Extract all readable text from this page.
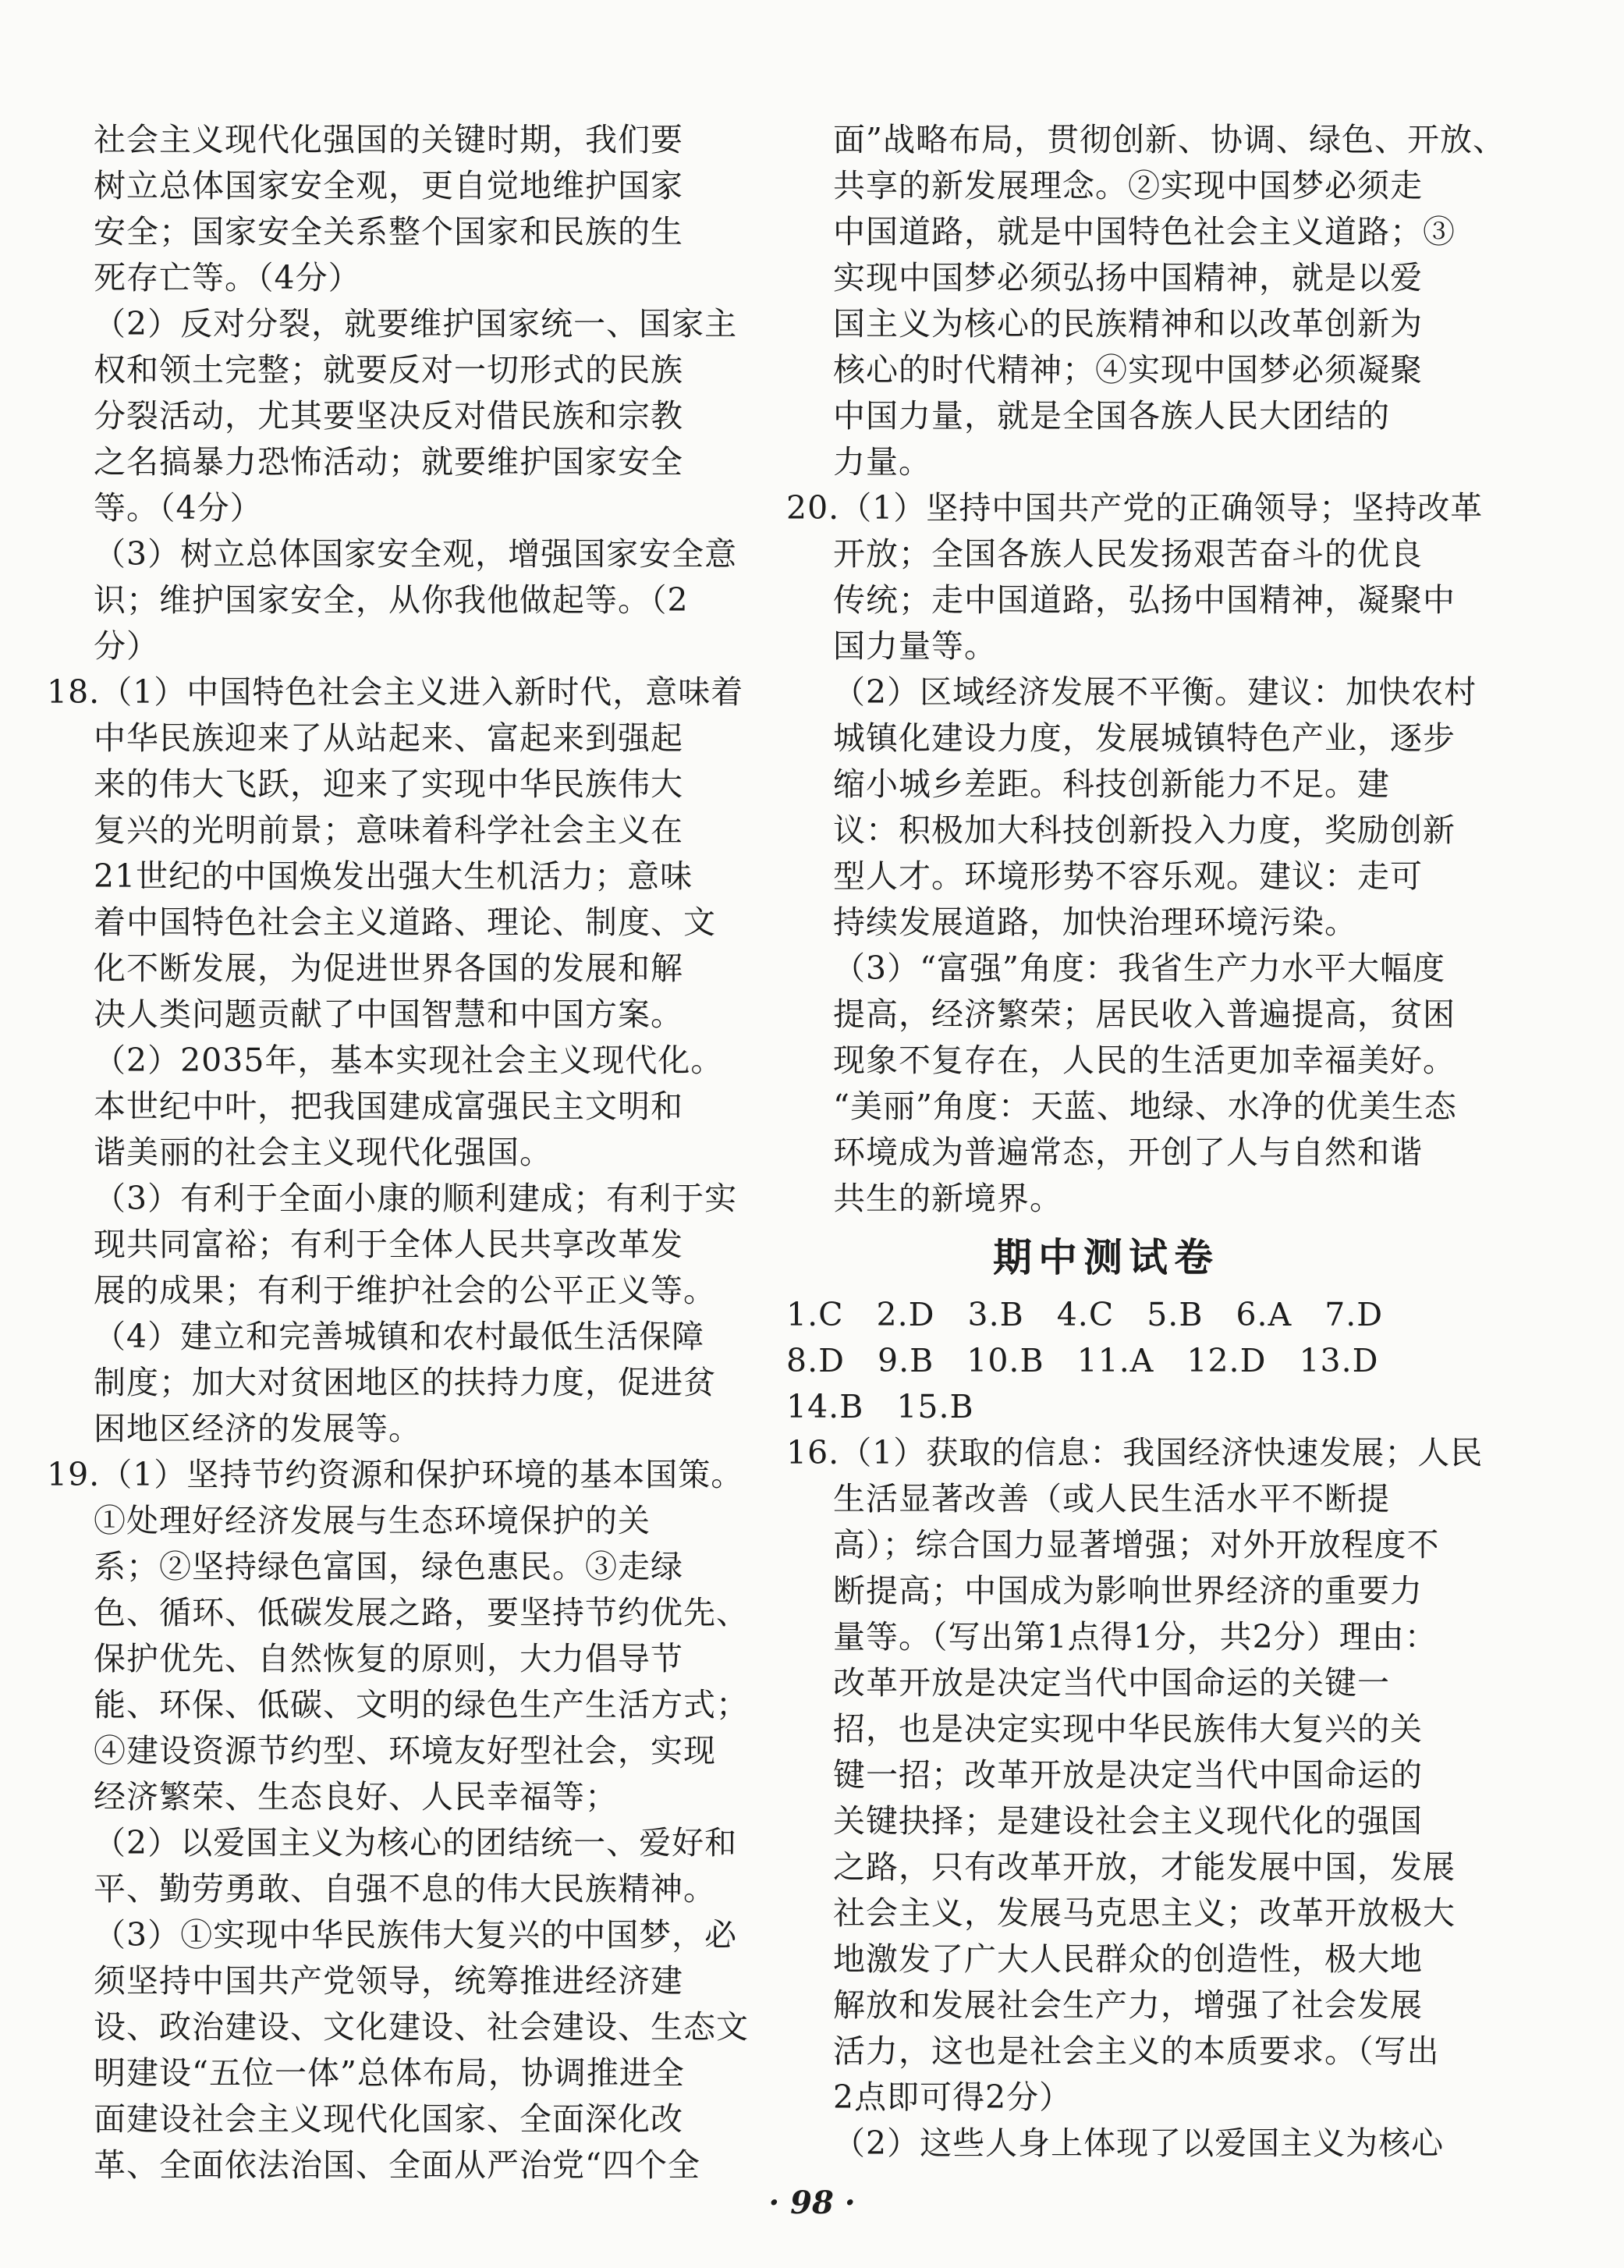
社会主义现代化强国的关键时期，我们要
树立总体国家安全观，更自觉地维护国家
安全；国家安全关系整个国家和民族的生
死存亡等。（4分）
（2）反对分裂，就要维护国家统一、国家主
权和领土完整；就要反对一切形式的民族
分裂活动，尤其要坚决反对借民族和宗教
之名搞暴力恐怖活动；就要维护国家安全
等。（4分）
（3）树立总体国家安全观，增强国家安全意
识；维护国家安全，从你我他做起等。（2
分）
18.（1）中国特色社会主义进入新时代，意味着
中华民族迎来了从站起来、富起来到强起
来的伟大飞跃，迎来了实现中华民族伟大
复兴的光明前景；意味着科学社会主义在
21世纪的中国焕发出强大生机活力；意味
着中国特色社会主义道路、理论、制度、文
化不断发展，为促进世界各国的发展和解
决人类问题贡献了中国智慧和中国方案。
（2）2035年，基本实现社会主义现代化。
本世纪中叶，把我国建成富强民主文明和
谐美丽的社会主义现代化强国。
（3）有利于全面小康的顺利建成；有利于实
现共同富裕；有利于全体人民共享改革发
展的成果；有利于维护社会的公平正义等。
（4）建立和完善城镇和农村最低生活保障
制度；加大对贫困地区的扶持力度，促进贫
困地区经济的发展等。
19.（1）坚持节约资源和保护环境的基本国策。
①处理好经济发展与生态环境保护的关
系；②坚持绿色富国，绿色惠民。③走绿
色、循环、低碳发展之路，要坚持节约优先、
保护优先、自然恢复的原则，大力倡导节
能、环保、低碳、文明的绿色生产生活方式；
④建设资源节约型、环境友好型社会，实现
经济繁荣、生态良好、人民幸福等；
（2）以爱国主义为核心的团结统一、爱好和
平、勤劳勇敢、自强不息的伟大民族精神。
（3）①实现中华民族伟大复兴的中国梦，必
须坚持中国共产党领导，统筹推进经济建
设、政治建设、文化建设、社会建设、生态文
明建设“五位一体”总体布局，协调推进全
面建设社会主义现代化国家、全面深化改
革、全面依法治国、全面从严治党“四个全
面”战略布局，贯彻创新、协调、绿色、开放、
共享的新发展理念。②实现中国梦必须走
中国道路，就是中国特色社会主义道路；③
实现中国梦必须弘扬中国精神，就是以爱
国主义为核心的民族精神和以改革创新为
核心的时代精神；④实现中国梦必须凝聚
中国力量，就是全国各族人民大团结的
力量。
20.（1）坚持中国共产党的正确领导；坚持改革
开放；全国各族人民发扬艰苦奋斗的优良
传统；走中国道路，弘扬中国精神，凝聚中
国力量等。
（2）区域经济发展不平衡。建议：加快农村
城镇化建设力度，发展城镇特色产业，逐步
缩小城乡差距。科技创新能力不足。建
议：积极加大科技创新投入力度，奖励创新
型人才。环境形势不容乐观。建议：走可
持续发展道路，加快治理环境污染。
（3）“富强”角度：我省生产力水平大幅度
提高，经济繁荣；居民收入普遍提高，贫困
现象不复存在，人民的生活更加幸福美好。
“美丽”角度：天蓝、地绿、水净的优美生态
环境成为普遍常态，开创了人与自然和谐
共生的新境界。
期中测试卷
1.C　2.D　3.B　4.C　5.B　6.A　7.D
8.D　9.B　10.B　11.A　12.D　13.D
14.B　15.B
16.（1）获取的信息：我国经济快速发展；人民
生活显著改善（或人民生活水平不断提
高）；综合国力显著增强；对外开放程度不
断提高；中国成为影响世界经济的重要力
量等。（写出第1点得1分，共2分）理由：
改革开放是决定当代中国命运的关键一
招，也是决定实现中华民族伟大复兴的关
键一招；改革开放是决定当代中国命运的
关键抉择；是建设社会主义现代化的强国
之路，只有改革开放，才能发展中国，发展
社会主义，发展马克思主义；改革开放极大
地激发了广大人民群众的创造性，极大地
解放和发展社会生产力，增强了社会发展
活力，这也是社会主义的本质要求。（写出
2点即可得2分）
（2）这些人身上体现了以爱国主义为核心
· 98 ·
